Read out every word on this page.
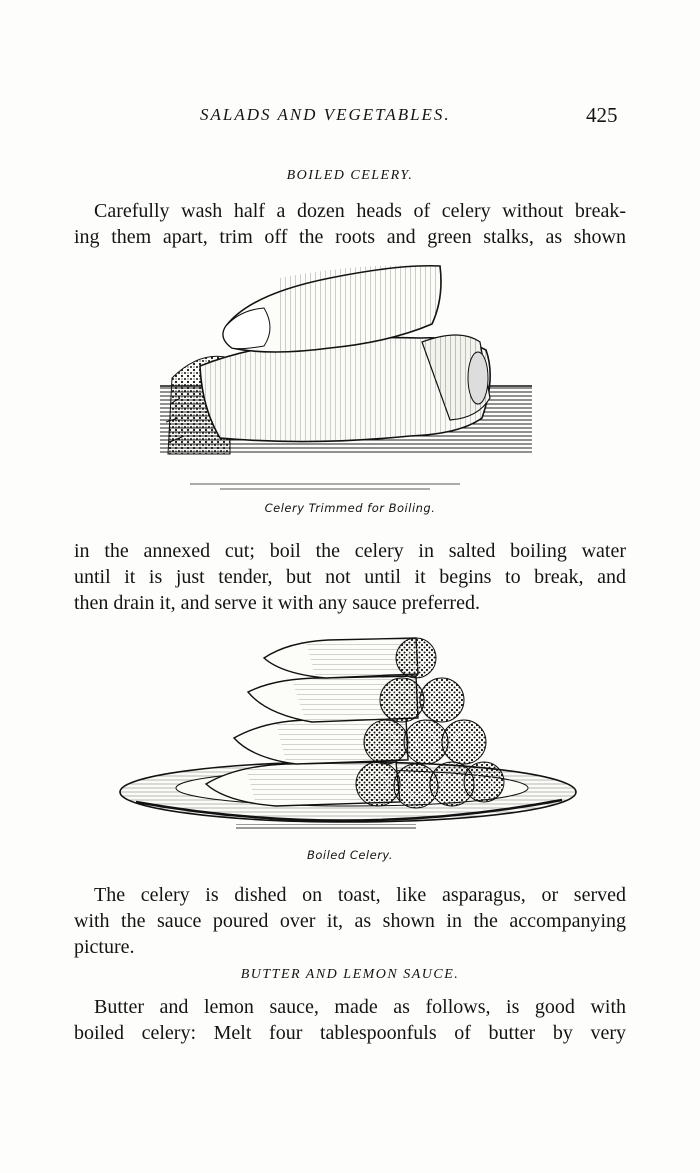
SALADS AND VEGETABLES.	425
BOILED CELERY.
Carefully wash half a dozen heads of celery without break-
ing them apart, trim off the roots and green stalks, as shown
Celery Trimmed for Boiling.
in the annexed cut; boil the celery in salted boiling water
until it is just tender, but not until it begins to break, and
then drain it, and serve it with any sauce preferred.
Boiled Celery.
The celery is dished on toast, like asparagus, or served
with the sauce poured over it, as shown in the accompanying
picture.
BUTTER AND LEMON SAUCE.
Butter and lemon sauce, made as follows, is good with
boiled celery: Melt four tablespoonfuls of butter by very
